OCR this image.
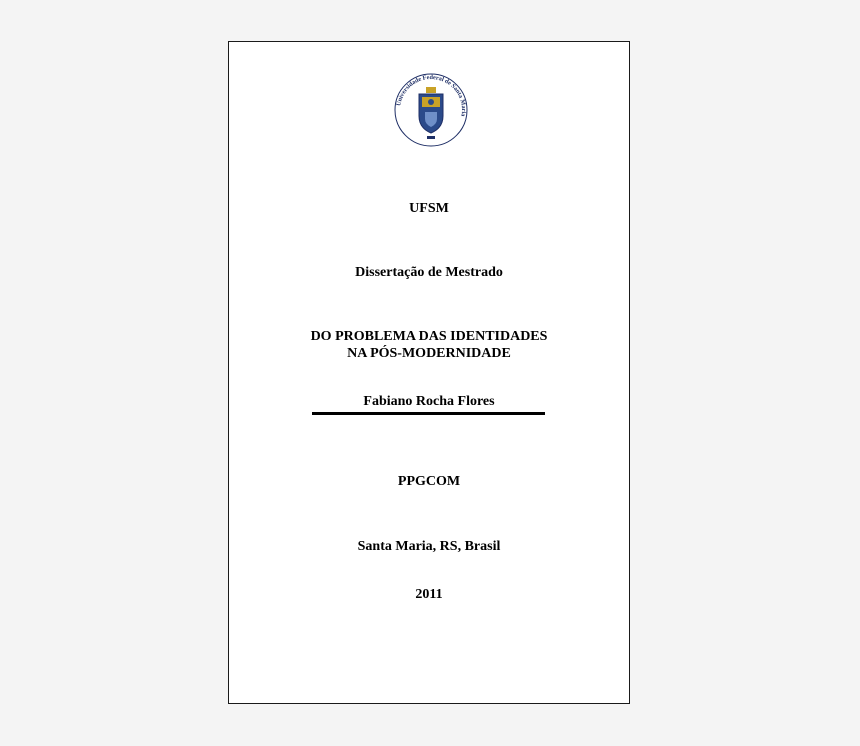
Universidade Federal de Santa Maria
UFSM
Dissertação de Mestrado
DO PROBLEMA DAS IDENTIDADES
NA PÓS-MODERNIDADE
Fabiano Rocha Flores
PPGCOM
Santa Maria, RS, Brasil
2011
